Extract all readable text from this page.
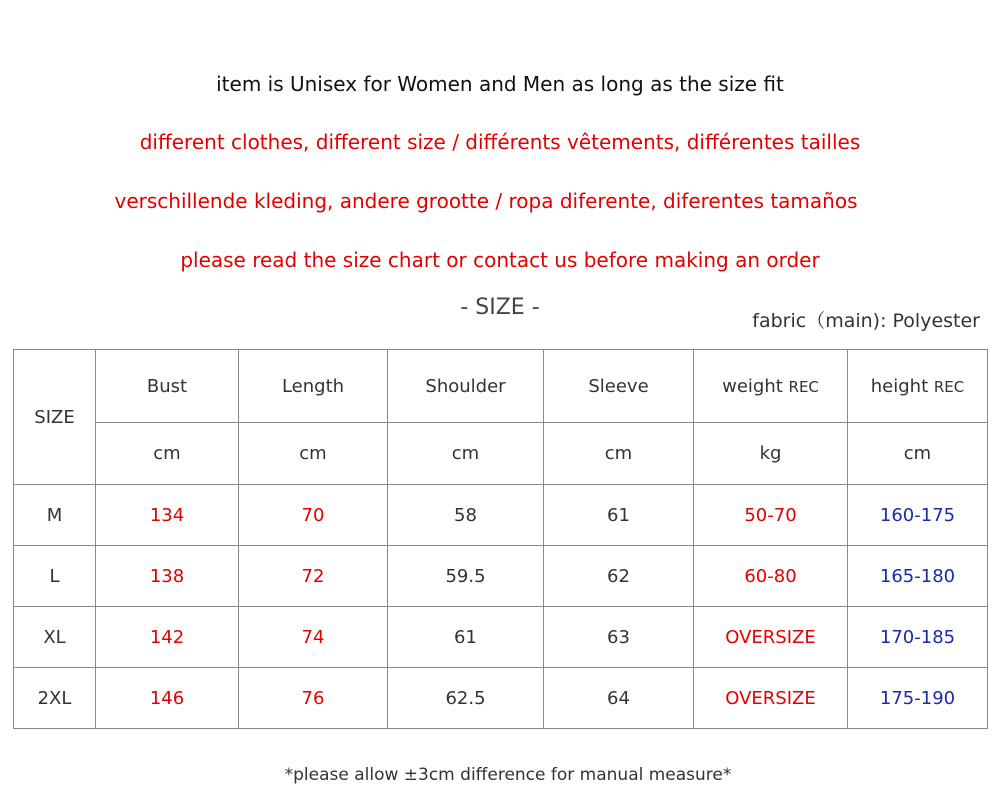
item is Unisex for Women and Men as long as the size fit
different clothes, different size / différents vêtements, différentes tailles
verschillende kleding, andere grootte / ropa diferente, diferentes tamaños
please read the size chart or contact us before making an order
- SIZE -
fabric（main): Polyester
SIZE	Bust	Length	Shoulder	Sleeve	weight REC	height REC
	cm	cm	cm	cm	kg	cm
M	134	70	58	61	50-70	160-175
L	138	72	59.5	62	60-80	165-180
XL	142	74	61	63	OVERSIZE	170-185
2XL	146	76	62.5	64	OVERSIZE	175-190
*please allow ±3cm difference for manual measure*
